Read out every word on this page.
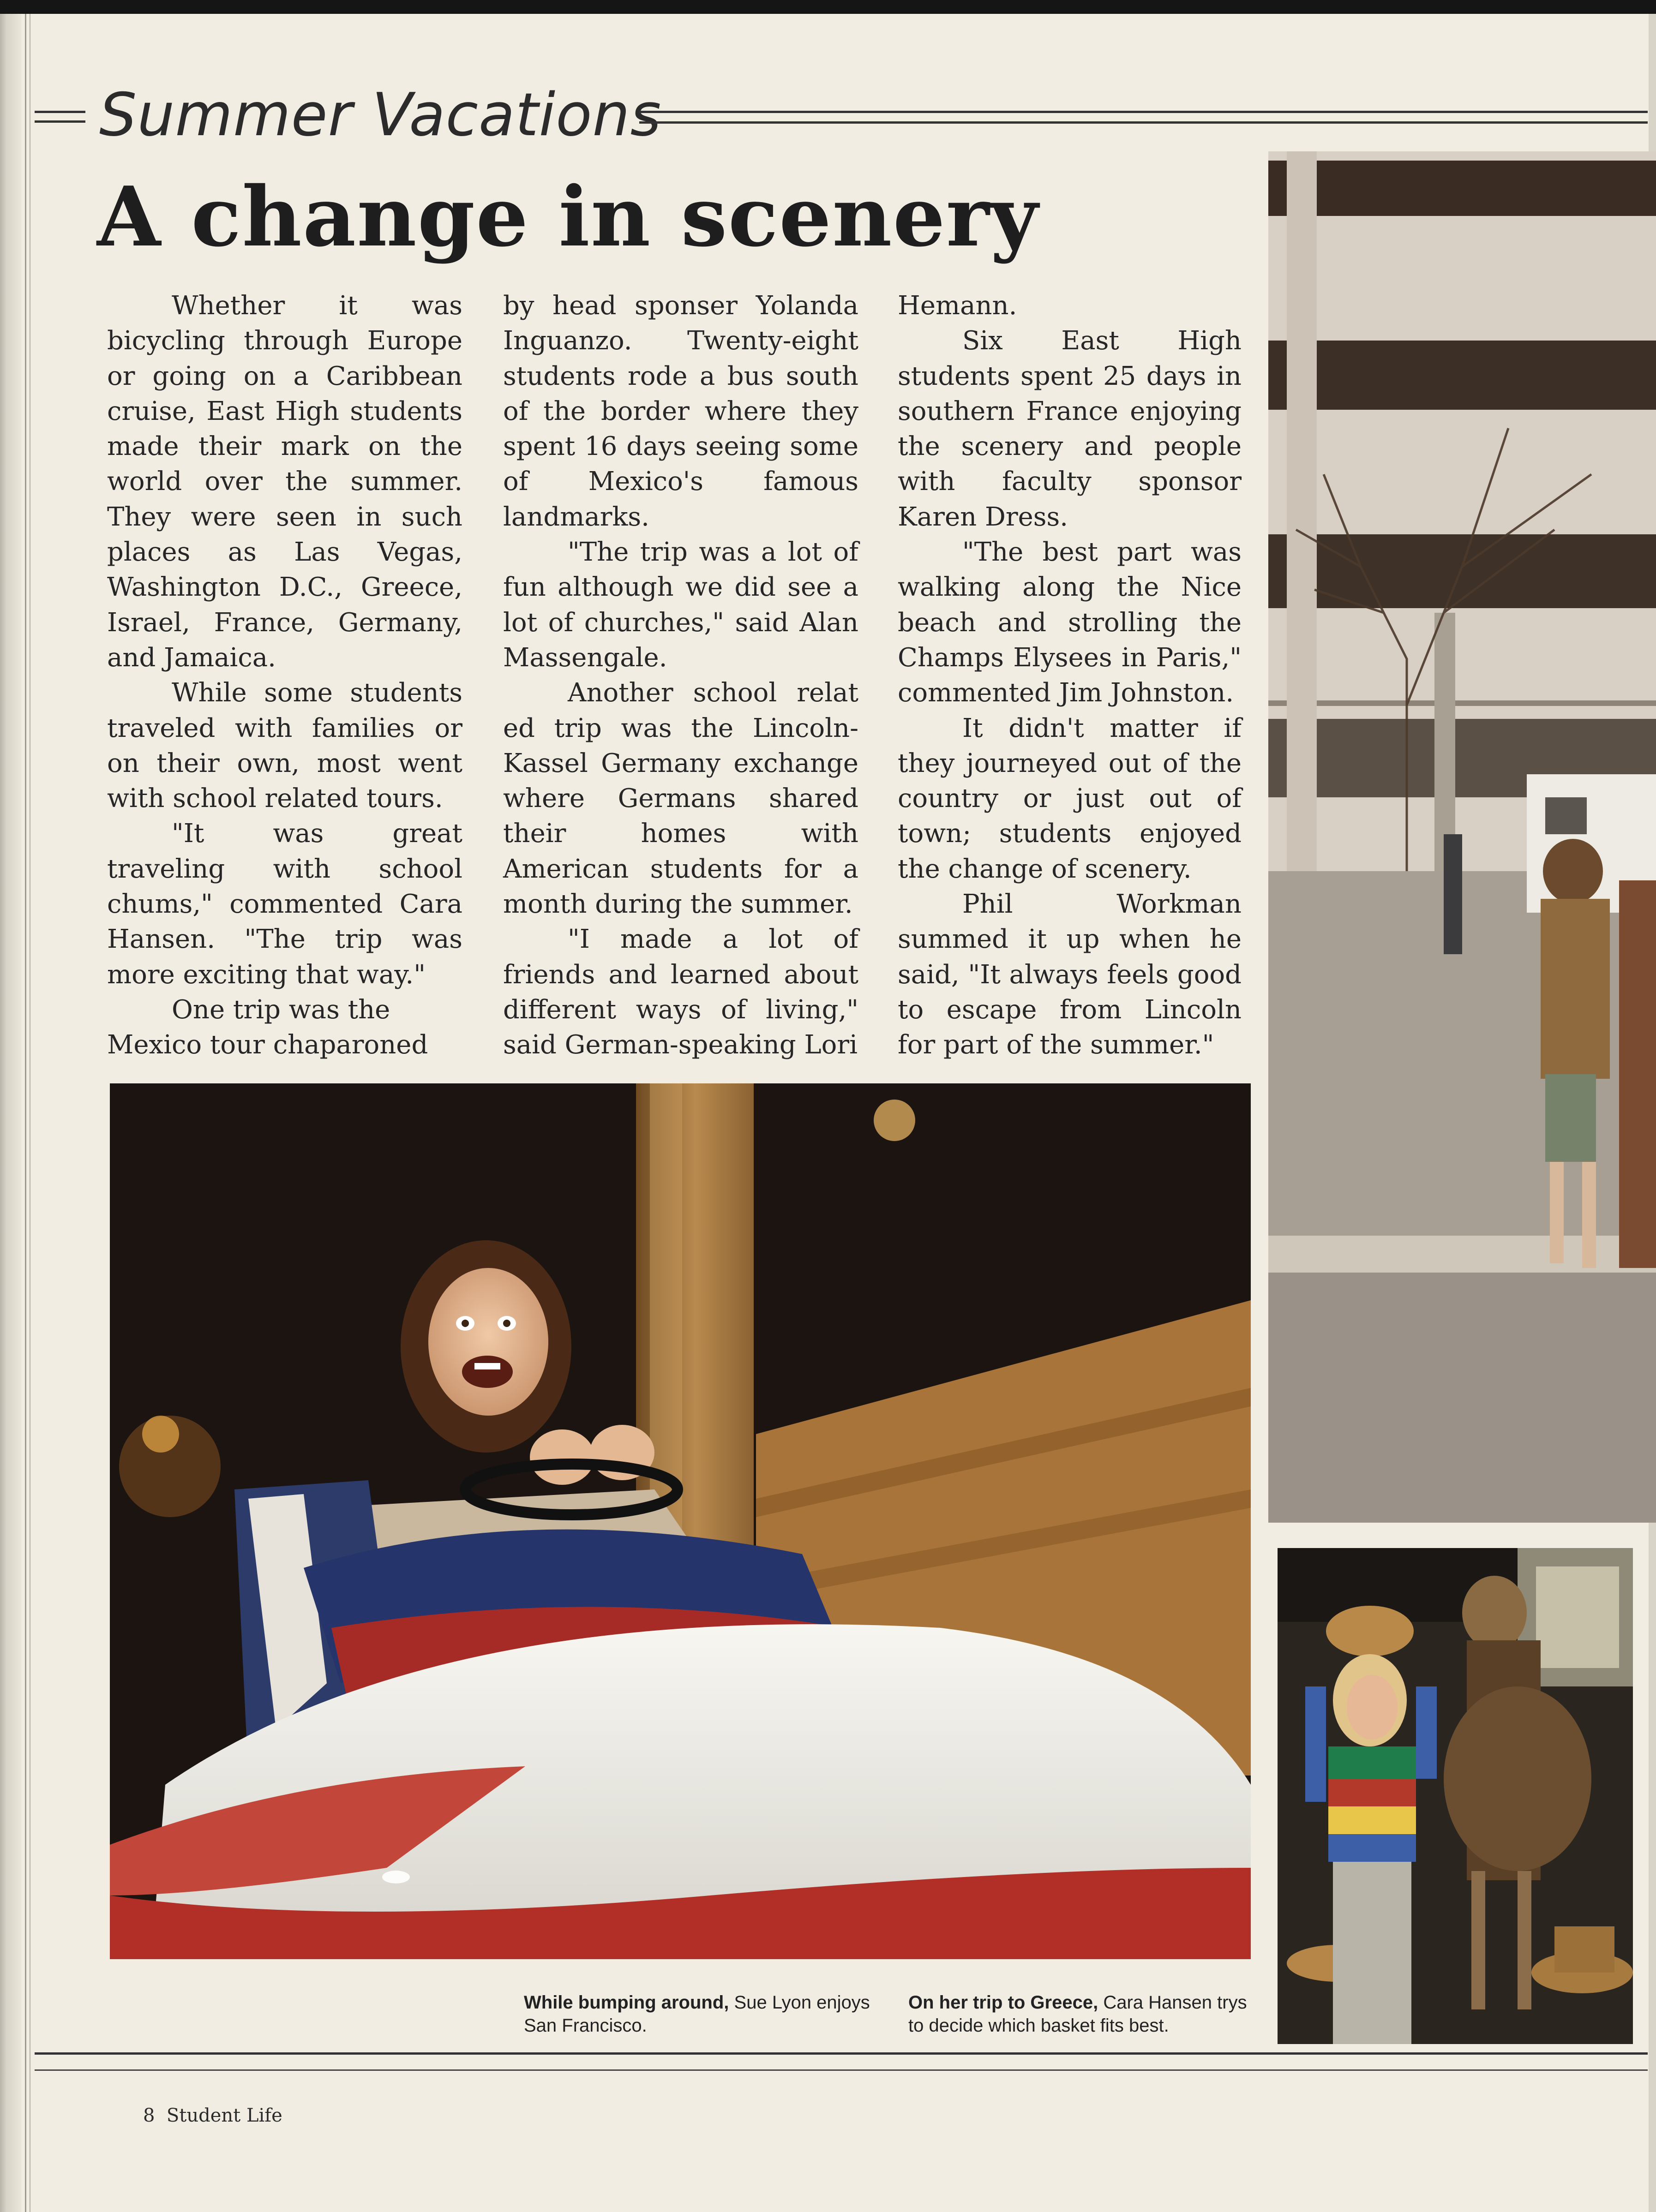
Summer Vacations
A change in scenery

Whether it was bicycling through Europe or going on a Caribbean cruise, East High students made their mark on the world over the summer. They were seen in such places as Las Vegas, Washington D.C., Greece, Israel, France, Germany, and Jamaica.

While some students traveled with families or on their own, most went with school related tours.

"It was great traveling with school chums," commented Cara Hansen. "The trip was more exciting that way."

One trip was the Mexico tour chaparoned

by head sponser Yolanda Inguanzo. Twenty-eight students rode a bus south of the border where they spent 16 days seeing some of Mexico's famous landmarks.

"The trip was a lot of fun although we did see a lot of churches," said Alan Massengale.

Another school relat ed trip was the Lincoln-Kassel Germany exchange where Germans shared their homes with American students for a month during the summer.

"I made a lot of friends and learned about different ways of living," said German-speaking Lori

Hemann.

Six East High students spent 25 days in southern France enjoying the scenery and people with faculty sponsor Karen Dress.

"The best part was walking along the Nice beach and strolling the Champs Elysees in Paris," commented Jim Johnston.

It didn't matter if they journeyed out of the country or just out of town; students enjoyed the change of scenery.

Phil Workman summed it up when he said, "It always feels good to escape from Lincoln for part of the summer."

While bumping around, Sue Lyon enjoys San Francisco.
On her trip to Greece, Cara Hansen trys to decide which basket fits best.
8  Student Life
